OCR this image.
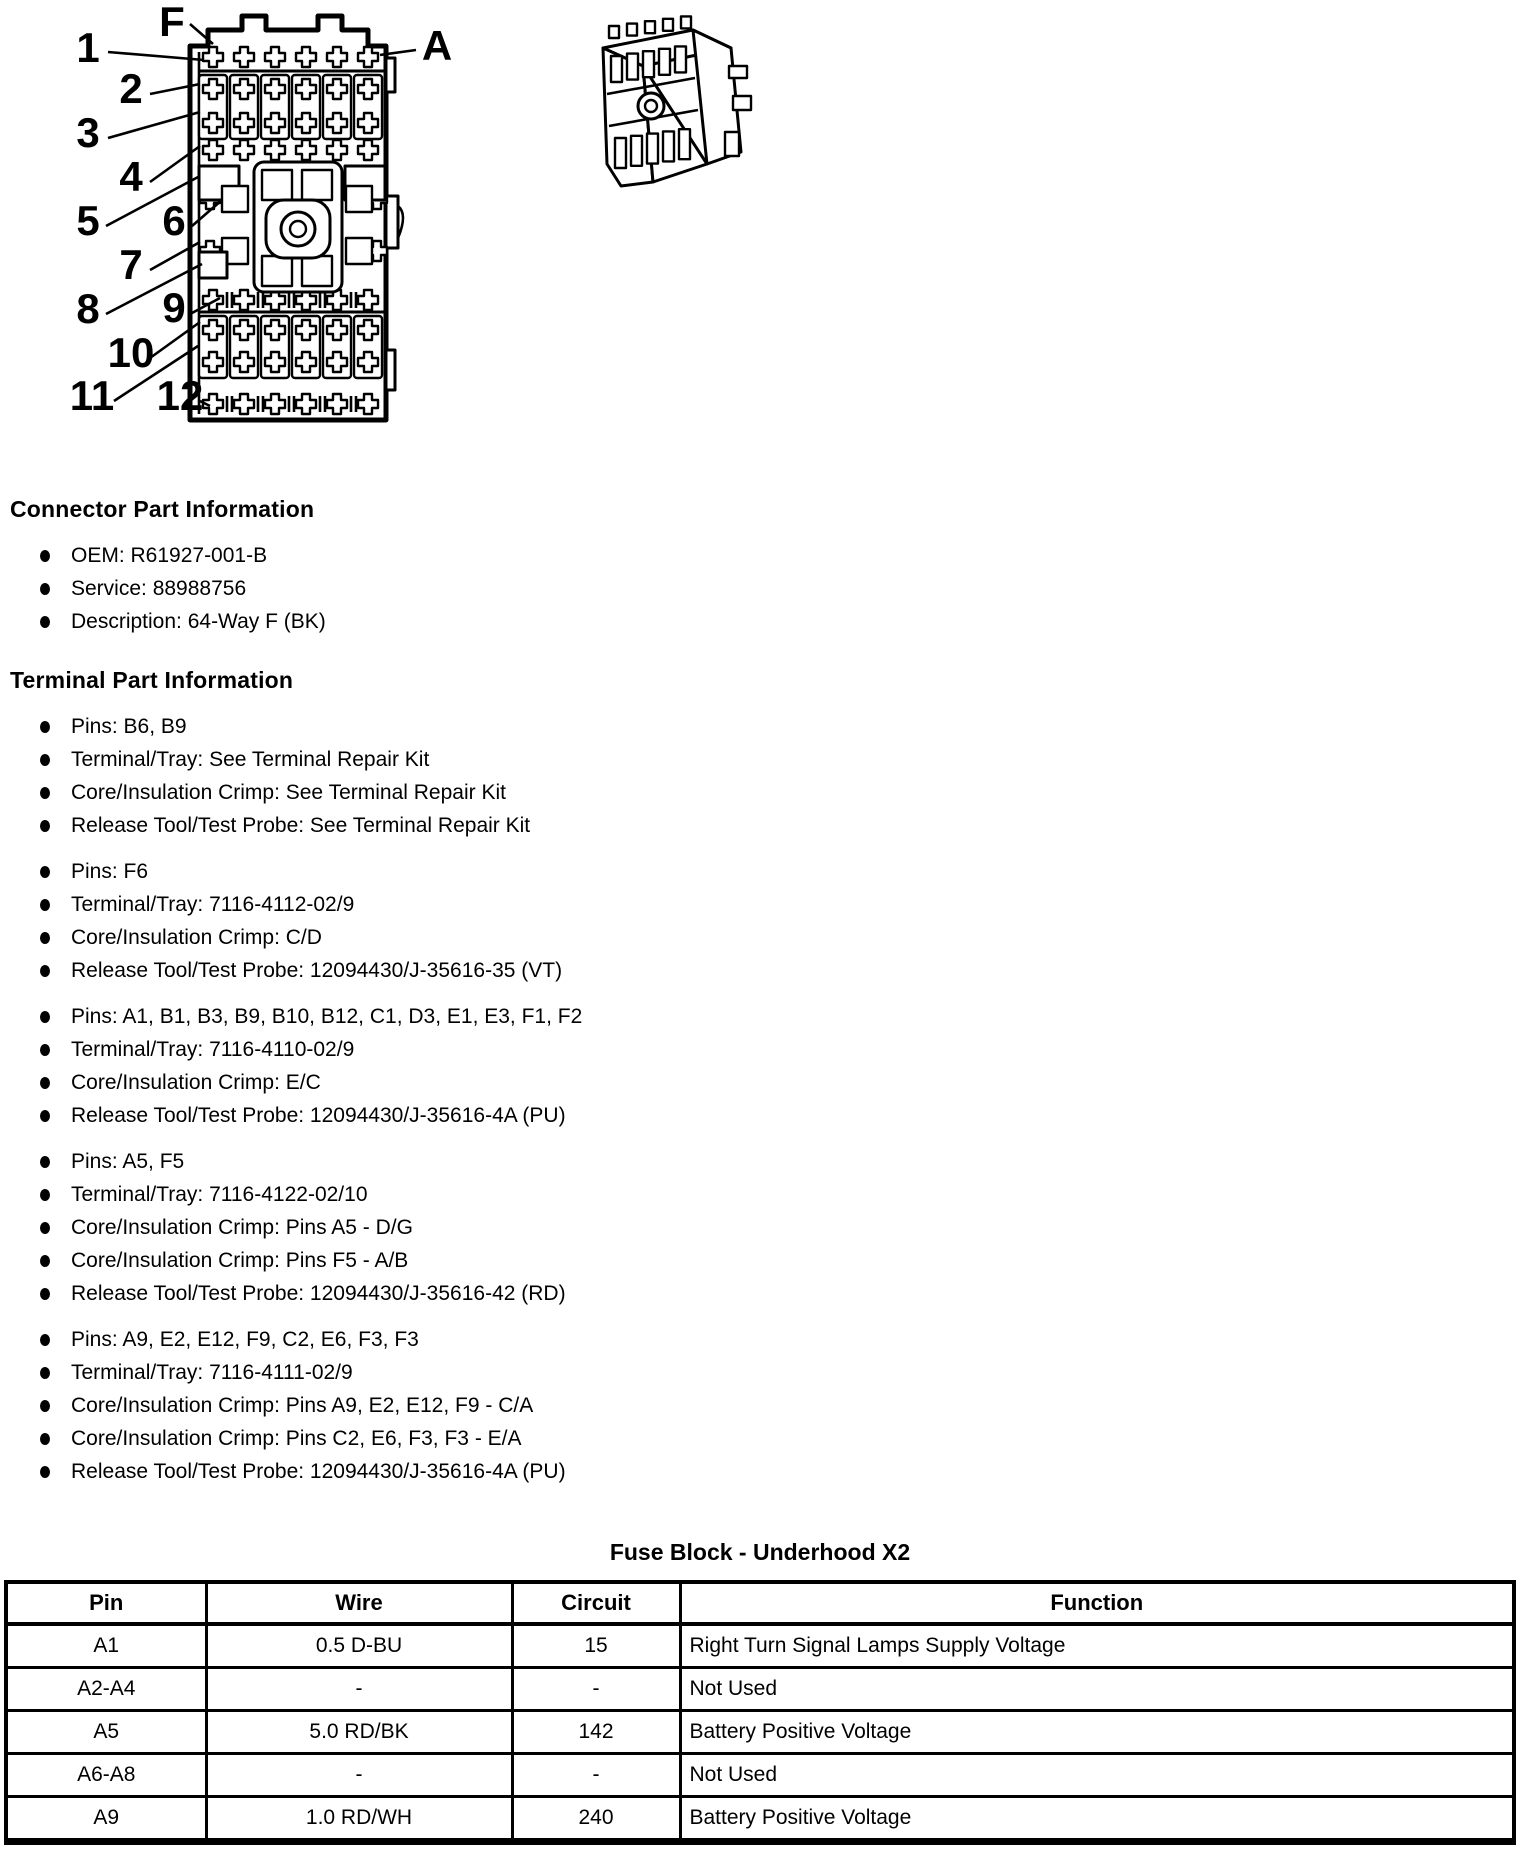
F
1	A
2
3
4
5 6
7
8 9
10
11 12
Connector Part Information
OEM: R61927-001-B
Service: 88988756
Description: 64-Way F (BK)
Terminal Part Information
Pins: B6, B9
Terminal/Tray: See Terminal Repair Kit
Core/Insulation Crimp: See Terminal Repair Kit
Release Tool/Test Probe: See Terminal Repair Kit
Pins: F6
Terminal/Tray: 7116-4112-02/9
Core/Insulation Crimp: C/D
Release Tool/Test Probe: 12094430/J-35616-35 (VT)
Pins: A1, B1, B3, B9, B10, B12, C1, D3, E1, E3, F1, F2
Terminal/Tray: 7116-4110-02/9
Core/Insulation Crimp: E/C
Release Tool/Test Probe: 12094430/J-35616-4A (PU)
Pins: A5, F5
Terminal/Tray: 7116-4122-02/10
Core/Insulation Crimp: Pins A5 - D/G
Core/Insulation Crimp: Pins F5 - A/B
Release Tool/Test Probe: 12094430/J-35616-42 (RD)
Pins: A9, E2, E12, F9, C2, E6, F3, F3
Terminal/Tray: 7116-4111-02/9
Core/Insulation Crimp: Pins A9, E2, E12, F9 - C/A
Core/Insulation Crimp: Pins C2, E6, F3, F3 - E/A
Release Tool/Test Probe: 12094430/J-35616-4A (PU)
Fuse Block - Underhood X2
Pin	Wire	Circuit	Function
A1	0.5 D-BU	15	Right Turn Signal Lamps Supply Voltage
A2-A4	-	-	Not Used
A5	5.0 RD/BK	142	Battery Positive Voltage
A6-A8	-	-	Not Used
A9	1.0 RD/WH	240	Battery Positive Voltage
